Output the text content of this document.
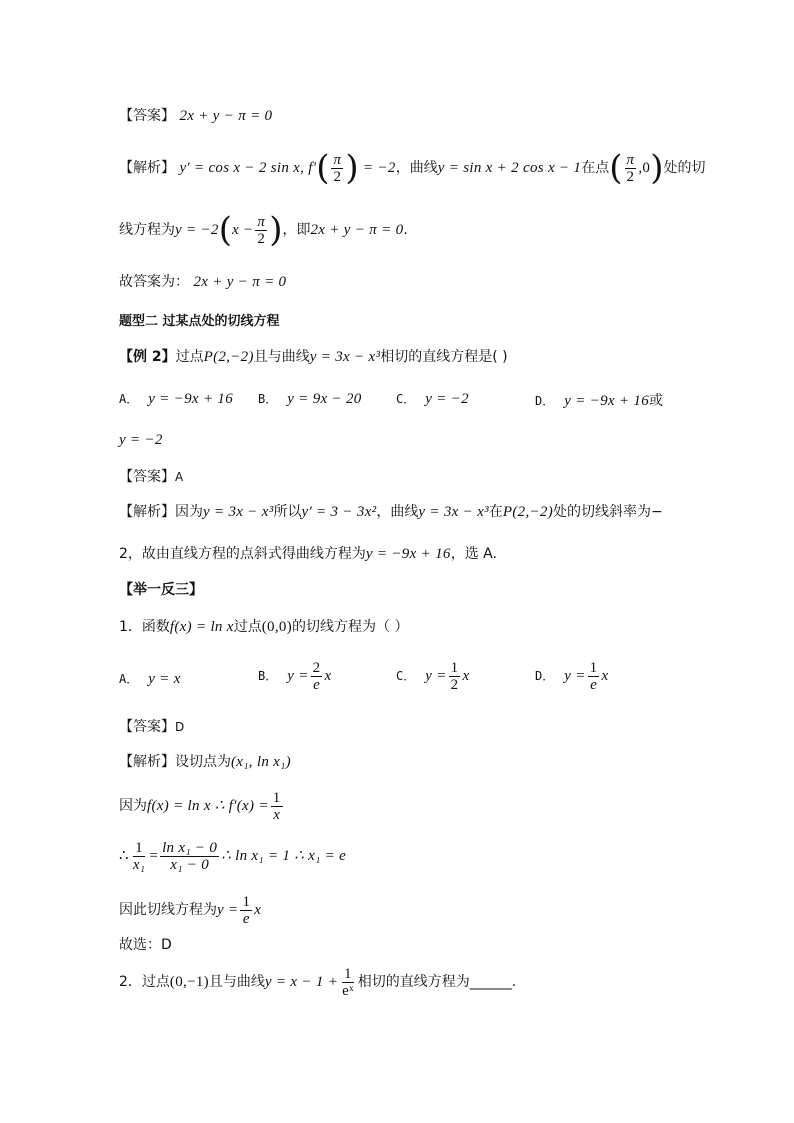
【答案】 2x + y − π = 0
【解析】 y' = cos x − 2 sin x, $f'( \frac{\pi}{2}$ ) = −2，曲线y = sin x + 2 cos x − 1在点( $\frac{\pi}{2} ,0$)处的切
线方程为$y = -2(x - \frac{\pi}{2}$ )，即2x + y − π = 0.
故答案为： 2x + y − π = 0
题型二 过某点处的切线方程
【例 2】过点P(2,−2)且与曲线y = 3x − x³相切的直线方程是( )
A． y = −9x + 16 B． y = 9x − 20	C． y = −2	D． y = −9x + 16或
y = −2
【答案】A
【解析】因为y = 3x − x³所以y' = 3 − 3x²，曲线y = 3x − x³在P(2,−2)处的切线斜率为−
2，故由直线方程的点斜式得曲线方程为y = −9x + 16，选 A.
【举一反三】
1．函数f(x) = ln x过点(0,0)的切线方程为（ ）
A． y = x	B． $y = \frac{2}{e}$ x	C． $y = \frac{1}{2}$ x	D． $y = \frac{1}{e}$ x
【答案】D
【解析】设切点为(x₁, ln x₁)
因为f(x) = ln x ∴ $f'(x) = \frac{1}{x}$
∴ $\frac{1}{\text{x₁}} = \frac{\text{ln x₁ − 0}}{\text{x₁ − 0}}$ ∴ ln x₁ = 1 ∴ x₁ = e
因此切线方程为$y = \frac{1}{e}$ x
故选：D
2．过点(0,−1)且与曲线$y = x - 1 + \frac{1}{\text{eˣ}}$ 相切的直线方程为______.
